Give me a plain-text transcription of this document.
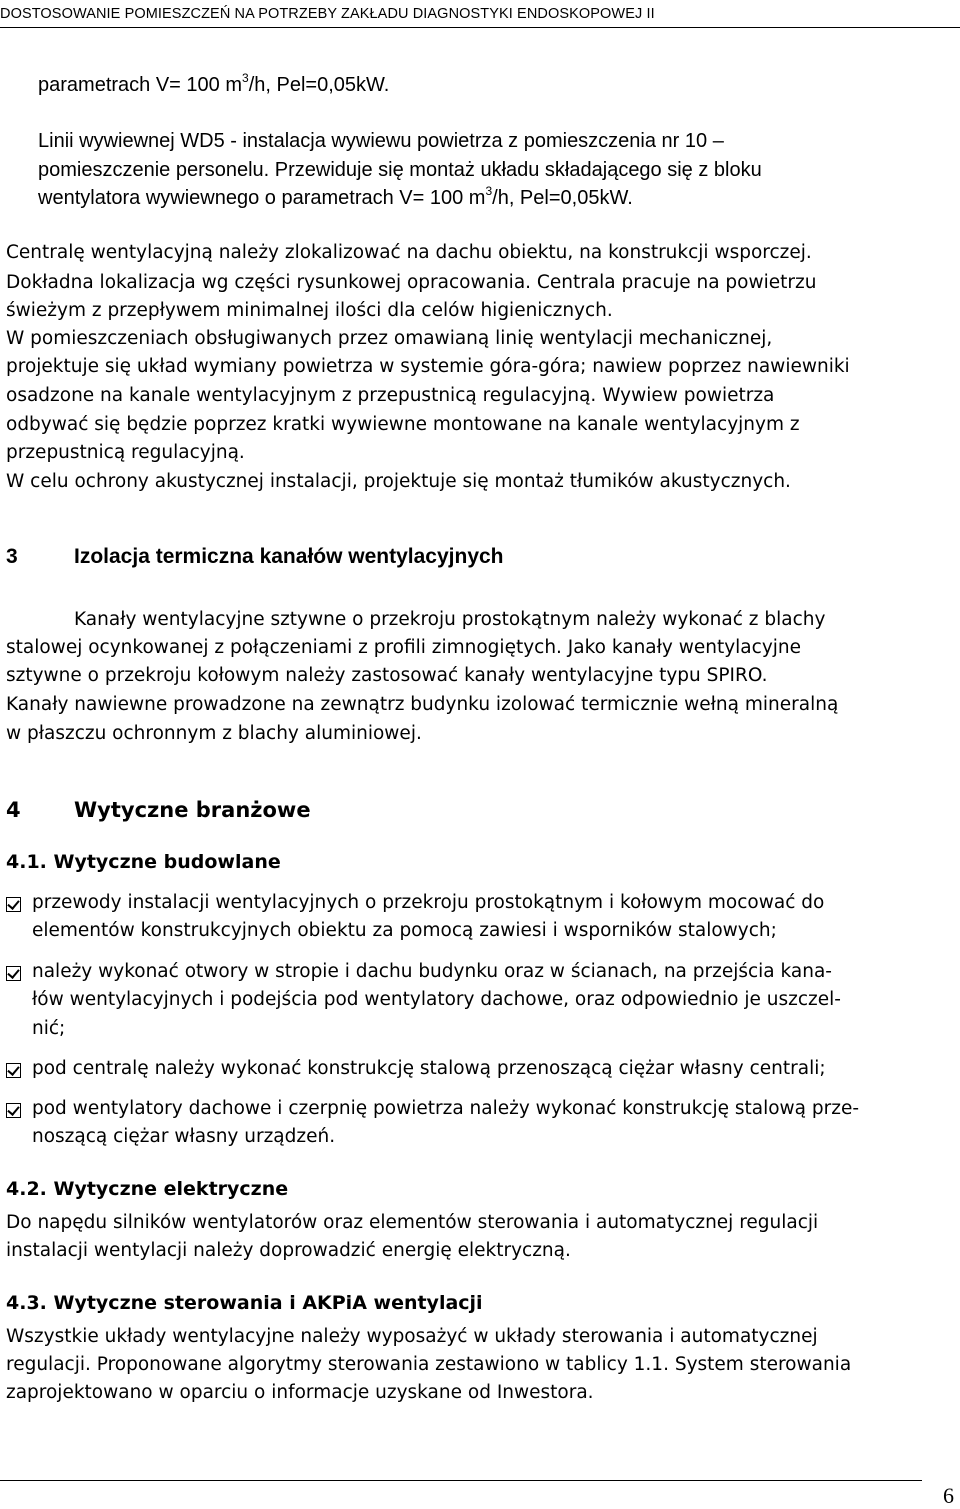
DOSTOSOWANIE POMIESZCZEŃ NA POTRZEBY ZAKŁADU DIAGNOSTYKI ENDOSKOPOWEJ II
parametrach V= 100 $m^3/h$, Pel=0,05kW.
Linii wywiewnej WD5 - instalacja wywiewu powietrza z pomieszczenia nr 10 –
pomieszczenie personelu. Przewiduje się montaż układu składającego się z bloku
wentylatora wywiewnego o parametrach V= 100 $m^3/h$, Pel=0,05kW.
Centralę wentylacyjną należy zlokalizować na dachu obiektu, na konstrukcji wsporczej.
Dokładna lokalizacja wg części rysunkowej opracowania. Centrala pracuje na powietrzu
świeżym z przepływem minimalnej ilości dla celów higienicznych.
W pomieszczeniach obsługiwanych przez omawianą linię wentylacji mechanicznej,
projektuje się układ wymiany powietrza w systemie góra-góra; nawiew poprzez nawiewniki
osadzone na kanale wentylacyjnym z przepustnicą regulacyjną. Wywiew powietrza
odbywać się będzie poprzez kratki wywiewne montowane na kanale wentylacyjnym z
przepustnicą regulacyjną.
W celu ochrony akustycznej instalacji, projektuje się montaż tłumików akustycznych.
3	Izolacja termiczna kanałów wentylacyjnych
Kanały wentylacyjne sztywne o przekroju prostokątnym należy wykonać z blachy
stalowej ocynkowanej z połączeniami z profili zimnogiętych. Jako kanały wentylacyjne
sztywne o przekroju kołowym należy zastosować kanały wentylacyjne typu SPIRO.
Kanały nawiewne prowadzone na zewnątrz budynku izolować termicznie wełną mineralną
w płaszczu ochronnym z blachy aluminiowej.
4	Wytyczne branżowe
4.1. Wytyczne budowlane
przewody instalacji wentylacyjnych o przekroju prostokątnym i kołowym mocować do
elementów konstrukcyjnych obiektu za pomocą zawiesi i wsporników stalowych;
należy wykonać otwory w stropie i dachu budynku oraz w ścianach, na przejścia kana-
łów wentylacyjnych i podejścia pod wentylatory dachowe, oraz odpowiednio je uszczel-
nić;
pod centralę należy wykonać konstrukcję stalową przenoszącą ciężar własny centrali;
pod wentylatory dachowe i czerpnię powietrza należy wykonać konstrukcję stalową prze-
noszącą ciężar własny urządzeń.
4.2. Wytyczne elektryczne
Do napędu silników wentylatorów oraz elementów sterowania i automatycznej regulacji
instalacji wentylacji należy doprowadzić energię elektryczną.
4.3. Wytyczne sterowania i AKPiA wentylacji
Wszystkie układy wentylacyjne należy wyposażyć w układy sterowania i automatycznej
regulacji. Proponowane algorytmy sterowania zestawiono w tablicy 1.1. System sterowania
zaprojektowano w oparciu o informacje uzyskane od Inwestora.
6
